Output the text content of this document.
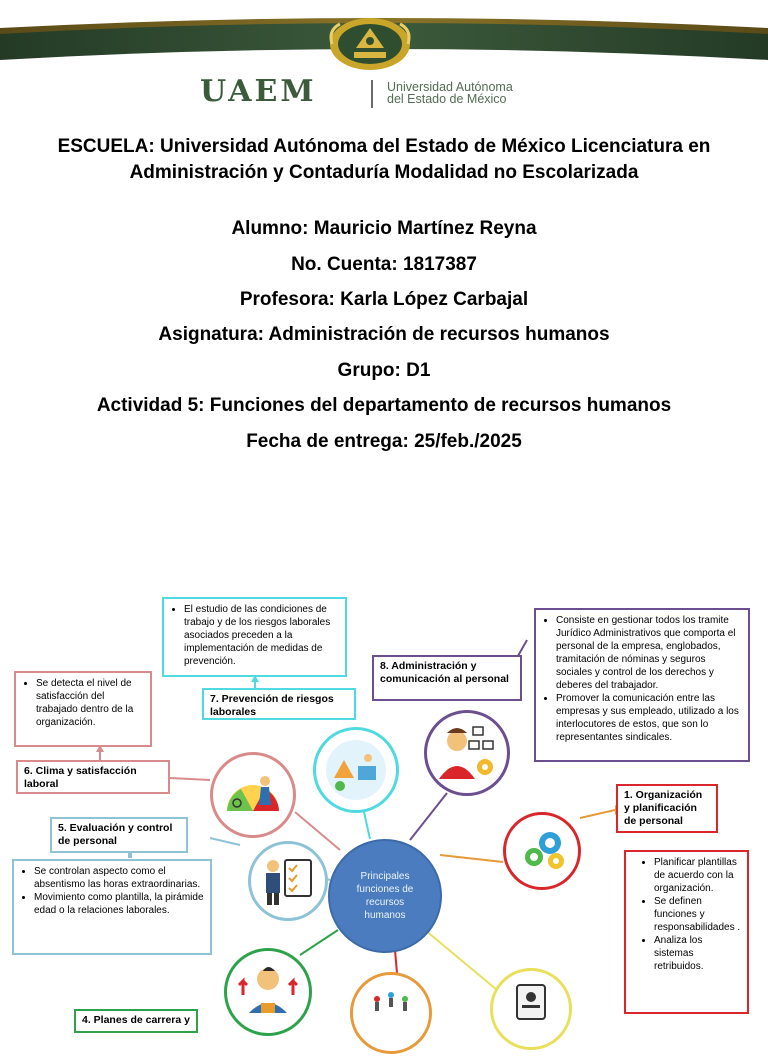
UAEM	Universidad Autónoma
del Estado de México
ESCUELA: Universidad Autónoma del Estado de México Licenciatura en
Administración y Contaduría Modalidad no Escolarizada
Alumno: Mauricio Martínez Reyna
No. Cuenta: 1817387
Profesora: Karla López Carbajal
Asignatura: Administración de recursos humanos
Grupo: D1
Actividad 5: Funciones del departamento de recursos humanos
Fecha de entrega: 25/feb./2025
Principales funciones de recursos humanos
1. Organización y planificación de personal
• Planificar plantillas de acuerdo con la organización.
• Se definen funciones y responsabilidades .
• Analiza los sistemas retribuidos.
4. Planes de carrera y
5. Evaluación y control de personal
• Se controlan aspecto como el absentismo las horas extraordinarias.
• Movimiento como plantilla, la pirámide edad o la relaciones laborales.
6. Clima y satisfacción laboral
• Se detecta el nivel de satisfacción del trabajado dentro de la organización.
7. Prevención de riesgos laborales
• El estudio de las condiciones de trabajo y de los riesgos laborales asociados preceden a la implementación de medidas de prevención.	8. Administración y comunicación al personal
• Consiste en gestionar todos los tramite Jurídico Administrativos que comporta el personal de la empresa, englobados, tramitación de nóminas y seguros sociales y control de los derechos y deberes del trabajador.
• Promover la comunicación entre las empresas y sus empleado, utilizado a los interlocutores de estos, que son lo representantes sindicales.
